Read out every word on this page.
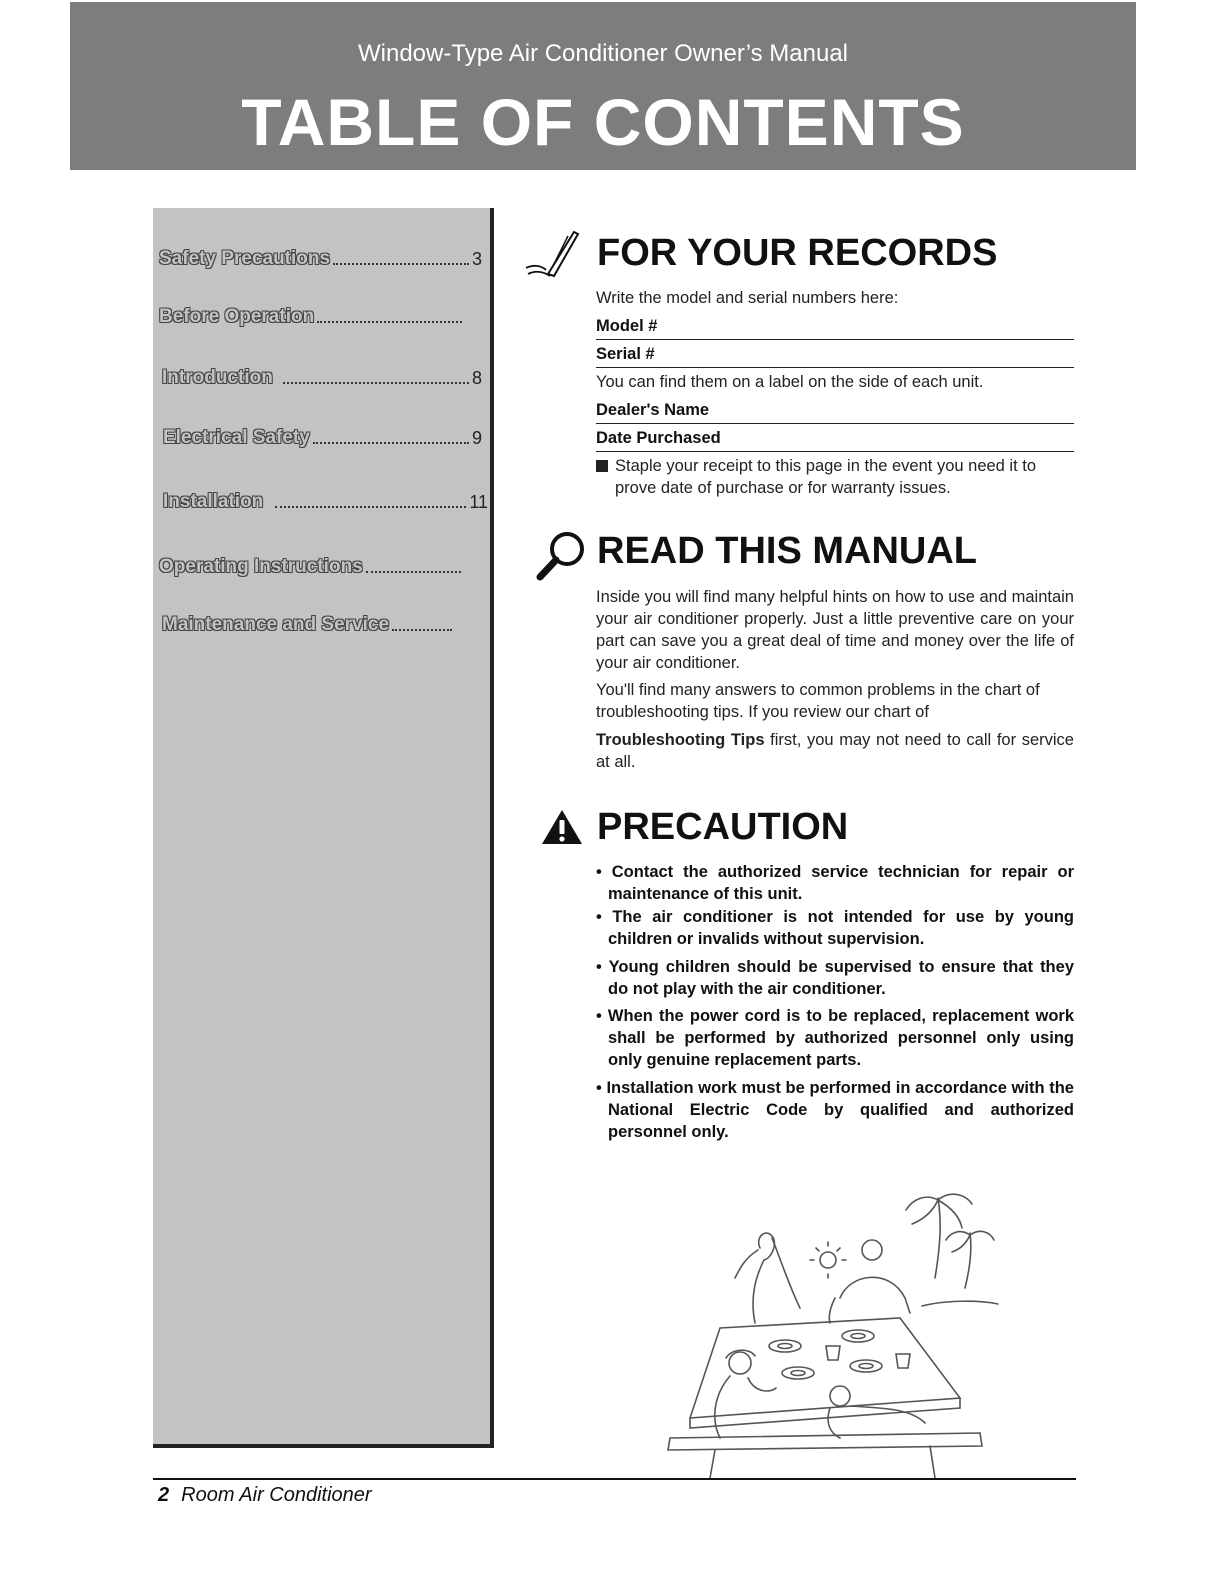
Window-Type Air Conditioner Owner’s Manual
TABLE OF CONTENTS
Safety Precautions	3
Before Operation
Introduction	8
Electrical Safety	9
Installation	11
Operating Instructions
Maintenance and Service
FOR YOUR RECORDS
Write the model and serial numbers here:
Model #
Serial #
You can find them on a label on the side of each unit.
Dealer's Name
Date Purchased
Staple your receipt to this page in the event you need it to prove date of purchase or for warranty issues.
READ THIS MANUAL
Inside you will find many helpful hints on how to use and maintain your air conditioner properly. Just a little preventive care on your part can save you a great deal of time and money over the life of your air conditioner.
You'll find many answers to common problems in the chart of troubleshooting tips. If you review our chart of
Troubleshooting Tips first, you may not need to call for service at all.
PRECAUTION
• Contact the authorized service technician for repair or maintenance of this unit.
• The air conditioner is not intended for use by young children or invalids without supervision.
• Young children should be supervised to ensure that they do not play with the air conditioner.
• When the power cord is to be replaced, replacement work shall be performed by authorized personnel only using only genuine replacement parts.
• Installation work must be performed in accordance with the National Electric Code by qualified and authorized personnel only.
2 Room Air Conditioner
